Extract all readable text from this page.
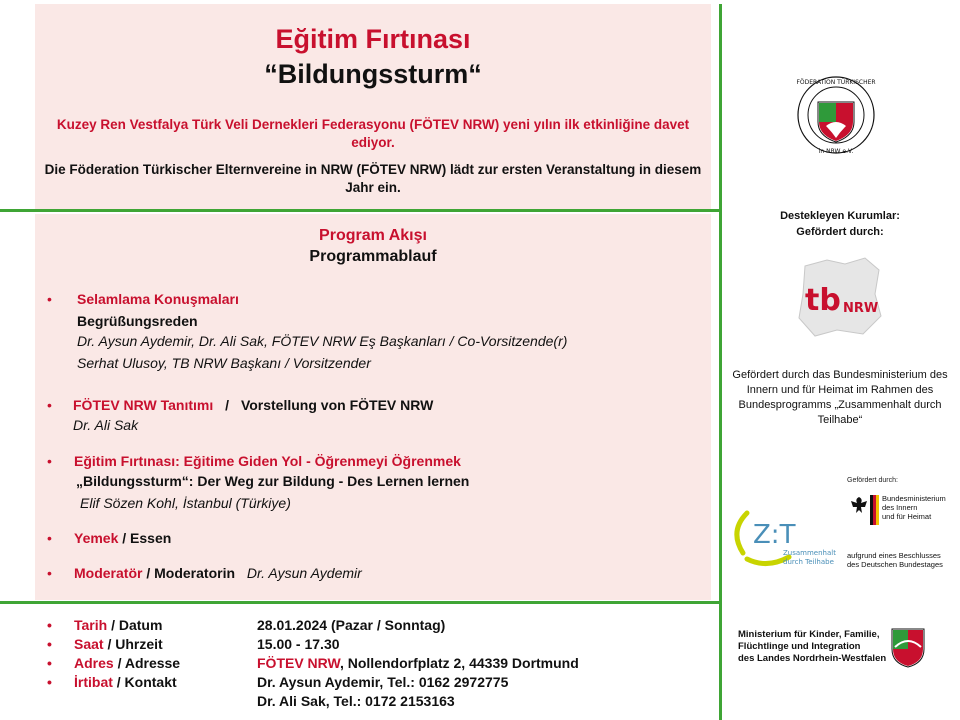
Eğitim Fırtınası
“Bildungssturm“
Kuzey Ren Vestfalya Türk Veli Dernekleri Federasyonu (FÖTEV NRW) yeni yılın ilk etkinliğine davet ediyor.
Die Föderation Türkischer Elternvereine in NRW (FÖTEV NRW) lädt zur ersten Veranstaltung in diesem Jahr ein.
Program Akışı
Programmablauf
• Selamlama Konuşmaları
Begrüßungsreden
Dr. Aysun Aydemir, Dr. Ali Sak, FÖTEV NRW Eş Başkanları / Co-Vorsitzende(r)
Serhat Ulusoy, TB NRW Başkanı / Vorsitzender
• FÖTEV NRW Tanıtımı / Vorstellung von FÖTEV NRW
Dr. Ali Sak
• Eğitim Fırtınası: Eğitime Giden Yol - Öğrenmeyi Öğrenmek
„Bildungssturm“: Der Weg zur Bildung - Des Lernen lernen
Elif Sözen Kohl, İstanbul (Türkiye)
• Yemek / Essen
• Moderatör / Moderatorin Dr. Aysun Aydemir
• Tarih / Datum	28.01.2024 (Pazar / Sonntag)
• Saat / Uhrzeit	15.00 - 17.30
• Adres / Adresse	FÖTEV NRW, Nollendorfplatz 2, 44339 Dortmund
• İrtibat / Kontakt	Dr. Aysun Aydemir, Tel.: 0162 2972775
Dr. Ali Sak, Tel.: 0172 2153163
FÖDERATION TÜRKISCHER
in NRW e.V.
Destekleyen Kurumlar:
Gefördert durch:
tb NRW
Gefördert durch das Bundesministerium des Innern und für Heimat im Rahmen des Bundesprogramms „Zusammenhalt durch Teilhabe“
Z:T
Zusammenhalt
durch Teilhabe
Gefördert durch:
Bundesministerium
des Innern
und für Heimat
aufgrund eines Beschlusses
des Deutschen Bundestages
Ministerium für Kinder, Familie,
Flüchtlinge und Integration
des Landes Nordrhein-Westfalen
